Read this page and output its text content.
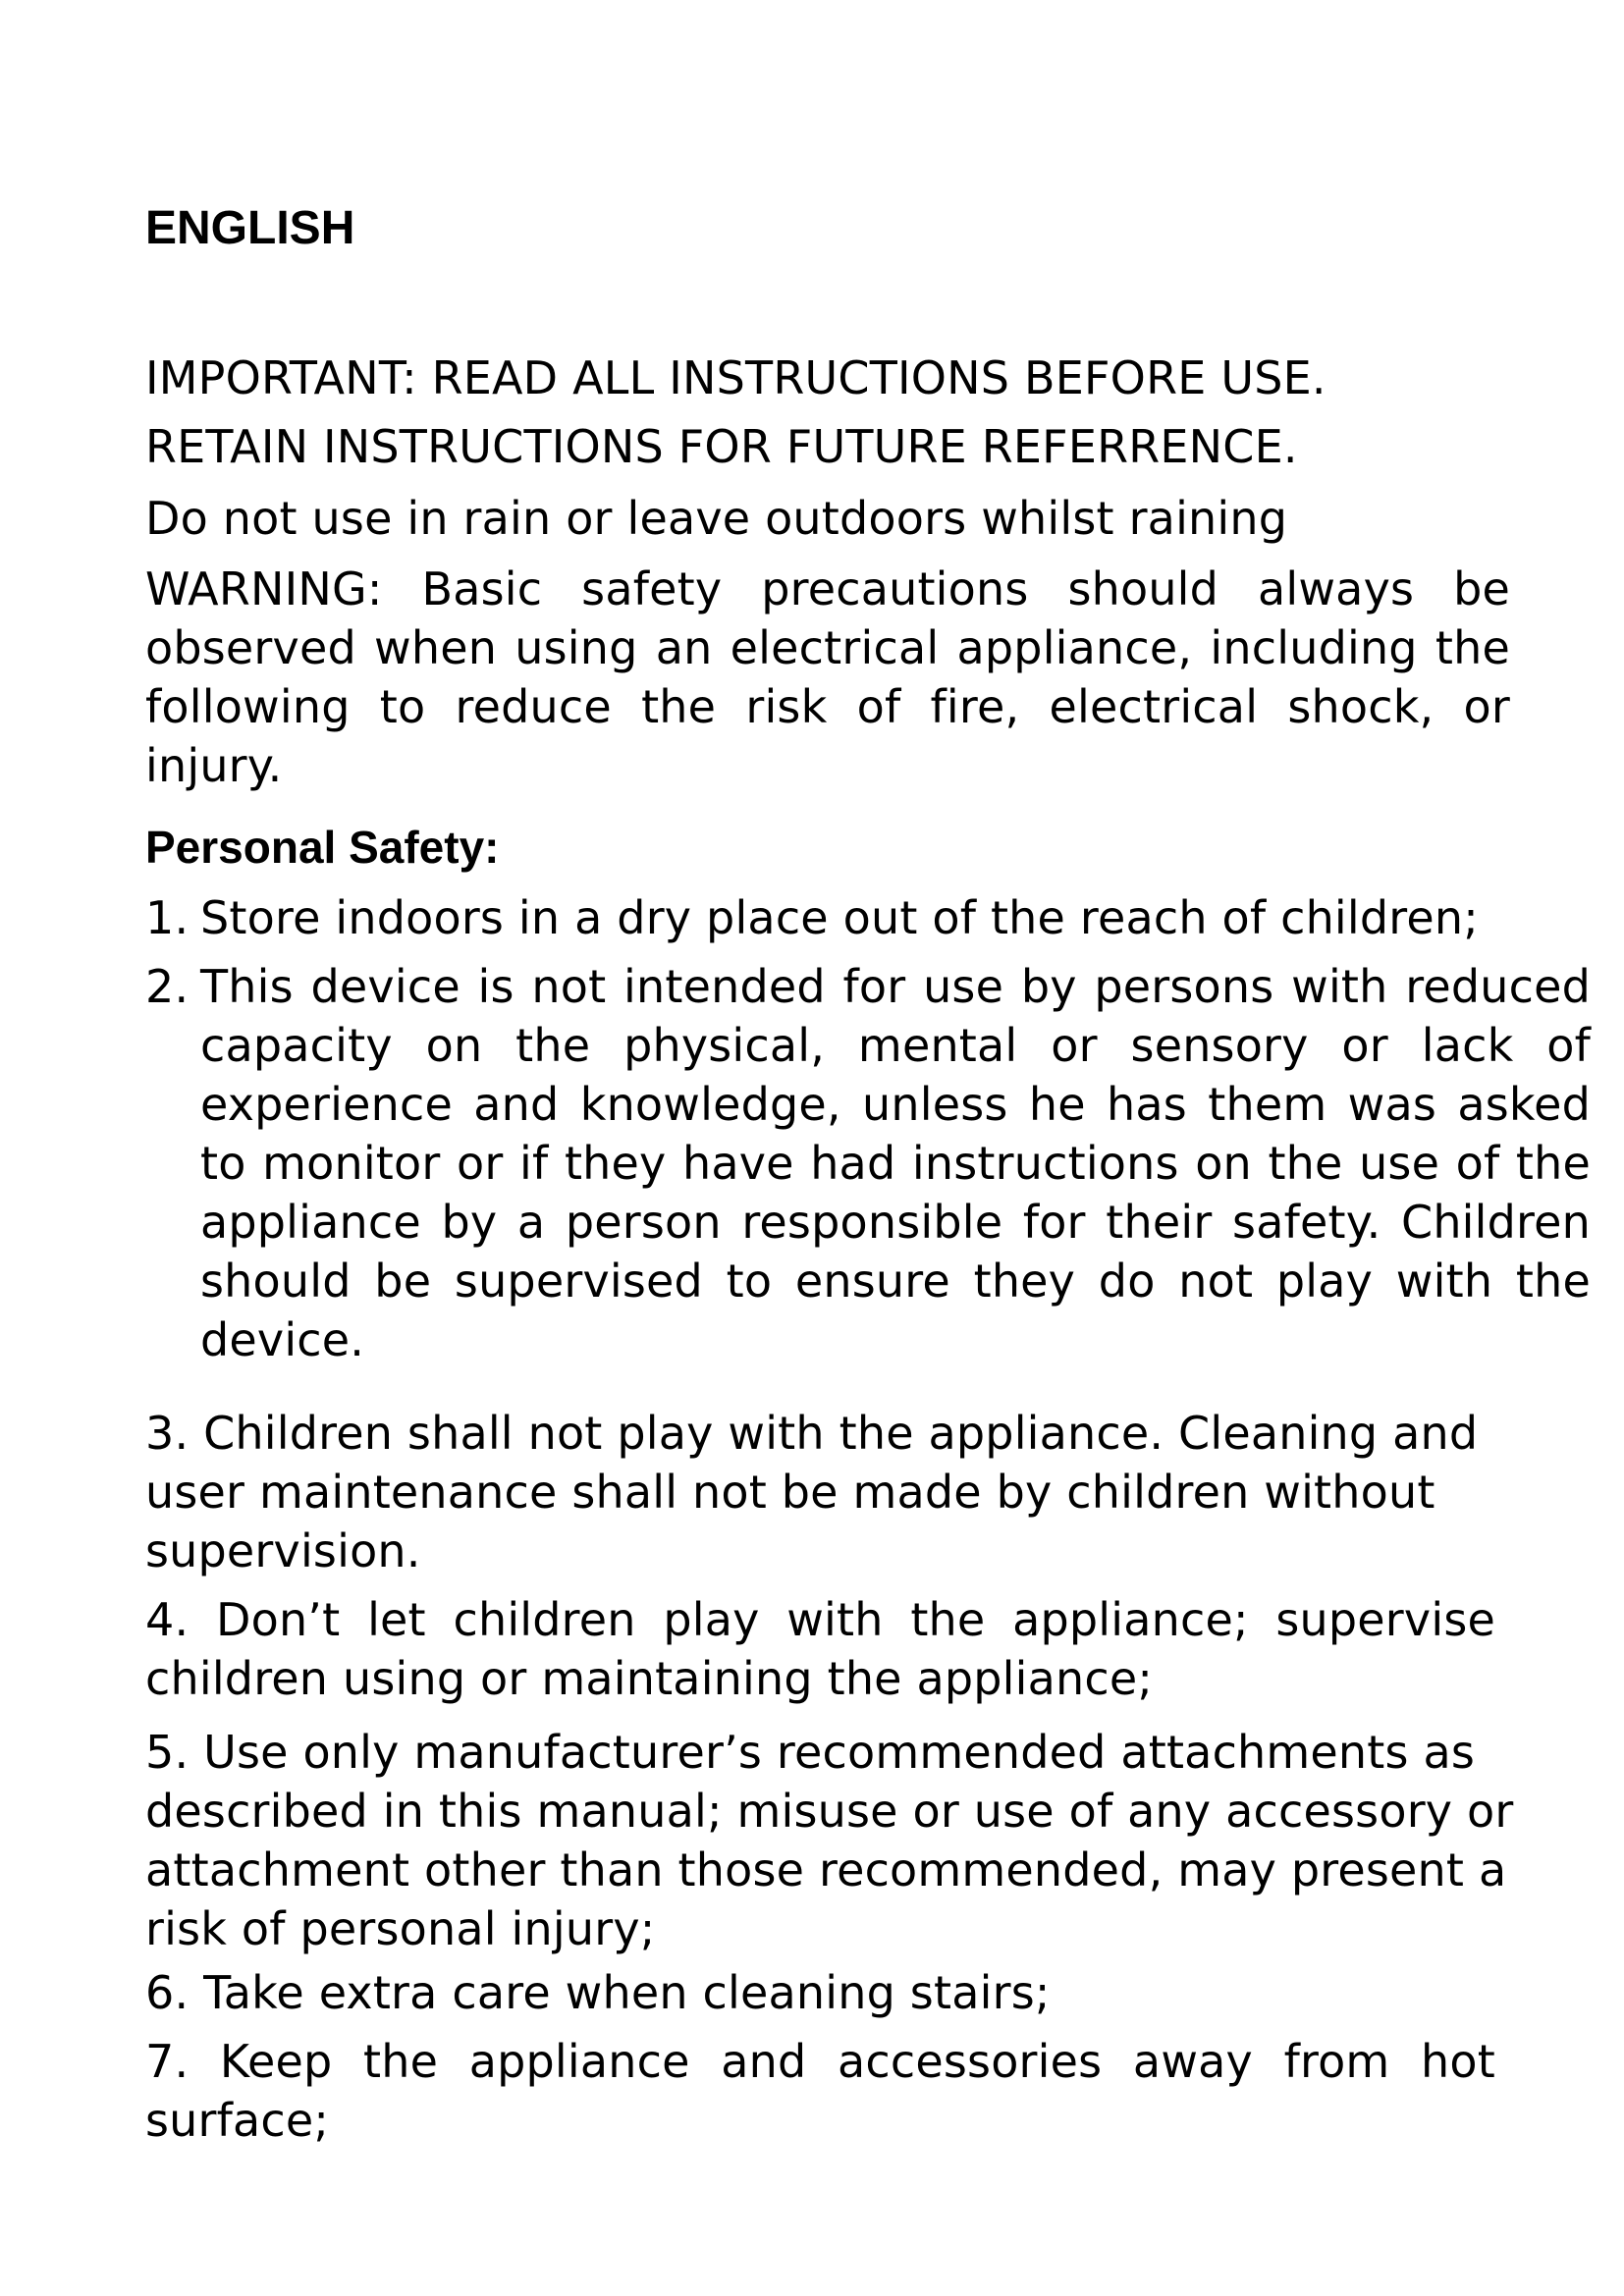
ENGLISH

IMPORTANT: READ ALL INSTRUCTIONS BEFORE USE.

RETAIN INSTRUCTIONS FOR FUTURE REFERRENCE.

Do not use in rain or leave outdoors whilst raining

WARNING: Basic safety precautions should always be observed when using an electrical appliance, including the following to reduce the risk of fire, electrical shock, or injury.

Personal Safety:
1. Store indoors in a dry place out of the reach of children;
2. This device is not intended for use by persons with reduced capacity on the physical, mental or sensory or lack of experience and knowledge, unless he has them was asked to monitor or if they have had instructions on the use of the appliance by a person responsible for their safety. Children should be supervised to ensure they do not play with the device.

3. Children shall not play with the appliance. Cleaning and user maintenance shall not be made by children without supervision.

4. Don’t let children play with the appliance; supervise children using or maintaining the appliance;

5. Use only manufacturer’s recommended attachments as described in this manual; misuse or use of any accessory or attachment other than those recommended, may present a risk of personal injury;

6. Take extra care when cleaning stairs;

7. Keep the appliance and accessories away from hot surface;
